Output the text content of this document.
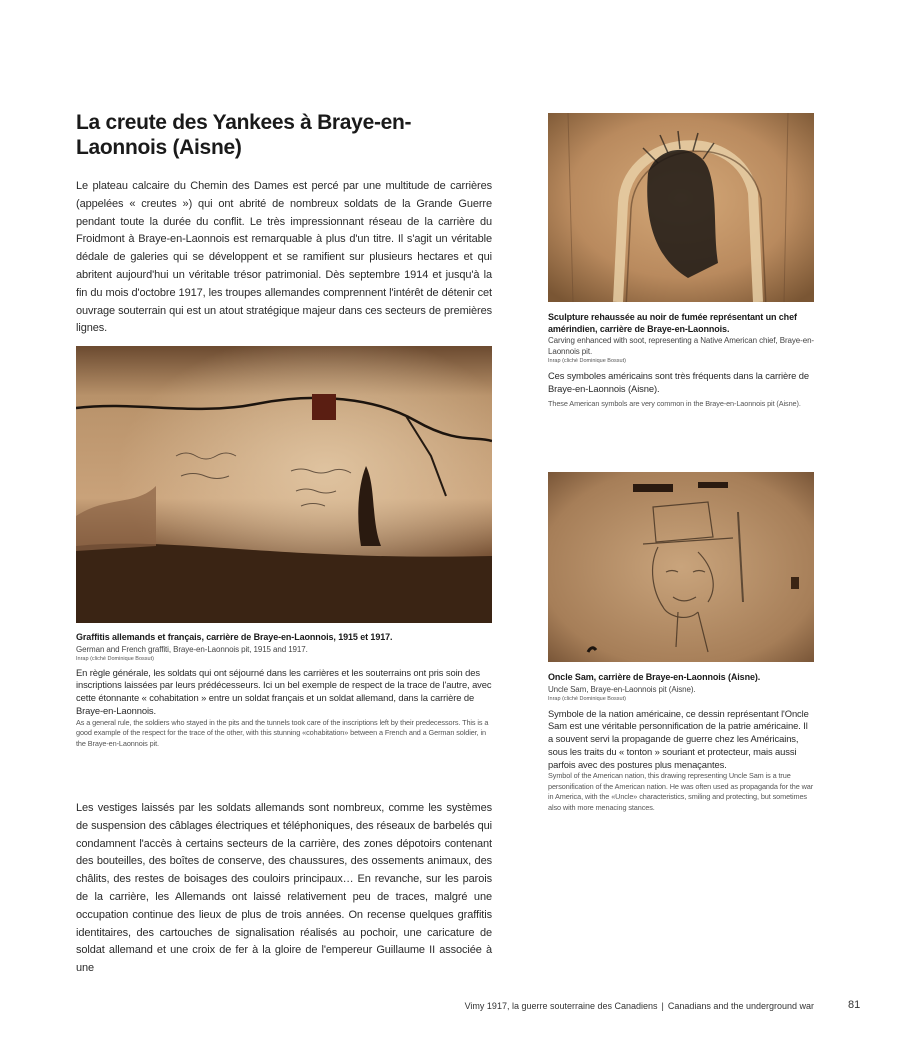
La creute des Yankees à Braye-en-Laonnois (Aisne)
Le plateau calcaire du Chemin des Dames est percé par une multitude de carrières (appelées « creutes ») qui ont abrité de nombreux soldats de la Grande Guerre pendant toute la durée du conflit. Le très impressionnant réseau de la carrière du Froidmont à Braye-en-Laonnois est remarquable à plus d'un titre. Il s'agit un véritable dédale de galeries qui se développent et se ramifient sur plusieurs hectares et qui abritent aujourd'hui un véritable trésor patrimonial. Dès septembre 1914 et jusqu'à la fin du mois d'octobre 1917, les troupes allemandes comprennent l'intérêt de détenir cet ouvrage souterrain qui est un atout stratégique majeur dans ces secteurs de premières lignes.
Graffitis allemands et français, carrière de Braye-en-Laonnois, 1915 et 1917.
German and French graffiti, Braye-en-Laonnois pit, 1915 and 1917.
Inrap (cliché Dominique Bossut)
En règle générale, les soldats qui ont séjourné dans les carrières et les souterrains ont pris soin des inscriptions laissées par leurs prédécesseurs. Ici un bel exemple de respect de la trace de l'autre, avec cette étonnante « cohabitation » entre un soldat français et un soldat allemand, dans la carrière de Braye-en-Laonnois.
As a general rule, the soldiers who stayed in the pits and the tunnels took care of the inscriptions left by their predecessors. This is a good example of the respect for the trace of the other, with this stunning «cohabitation» between a French and a German soldier, in the Braye-en-Laonnois pit.
Sculpture rehaussée au noir de fumée représentant un chef amérindien, carrière de Braye-en-Laonnois.
Carving enhanced with soot, representing a Native American chief, Braye-en-Laonnois pit.
Inrap (cliché Dominique Bossut)
Ces symboles américains sont très fréquents dans la carrière de Braye-en-Laonnois (Aisne).
These American symbols are very common in the Braye-en-Laonnois pit (Aisne).
Oncle Sam, carrière de Braye-en-Laonnois (Aisne).
Uncle Sam, Braye-en-Laonnois pit (Aisne).
Inrap (cliché Dominique Bossut)
Symbole de la nation américaine, ce dessin représentant l'Oncle Sam est une véritable personnification de la patrie américaine. Il a souvent servi la propagande de guerre chez les Américains, sous les traits du « tonton » souriant et protecteur, mais aussi parfois avec des postures plus menaçantes.
Symbol of the American nation, this drawing representing Uncle Sam is a true personification of the American nation. He was often used as propaganda for the war in America, with the «Uncle» characteristics, smiling and protecting, but sometimes also with more menacing stances.
Les vestiges laissés par les soldats allemands sont nombreux, comme les systèmes de suspension des câblages électriques et téléphoniques, des réseaux de barbelés qui condamnent l'accès à certains secteurs de la carrière, des zones dépotoirs contenant des bouteilles, des boîtes de conserve, des chaussures, des ossements animaux, des châlits, des restes de boisages des couloirs principaux… En revanche, sur les parois de la carrière, les Allemands ont laissé relativement peu de traces, malgré une occupation continue des lieux de plus de trois années. On recense quelques graffitis identitaires, des cartouches de signalisation réalisés au pochoir, une caricature de soldat allemand et une croix de fer à la gloire de l'empereur Guillaume II associée à une
Vimy 1917, la guerre souterraine des Canadiens | Canadians and the underground war	81
